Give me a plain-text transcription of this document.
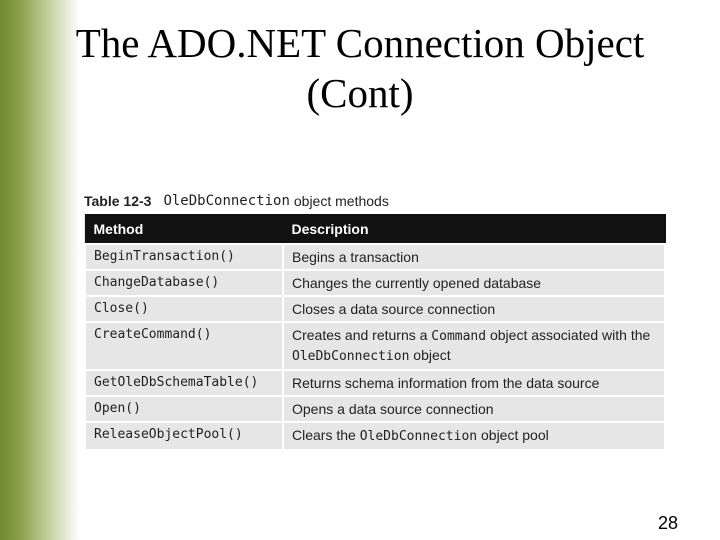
The ADO.NET Connection Object
(Cont)
Table 12-3 OleDbConnection object methods
Method	Description
BeginTransaction()	Begins a transaction
ChangeDatabase()	Changes the currently opened database
Close()	Closes a data source connection
CreateCommand()	Creates and returns a Command object associated with the OleDbConnection object
GetOleDbSchemaTable()	Returns schema information from the data source
Open()	Opens a data source connection
ReleaseObjectPool()	Clears the OleDbConnection object pool
28
